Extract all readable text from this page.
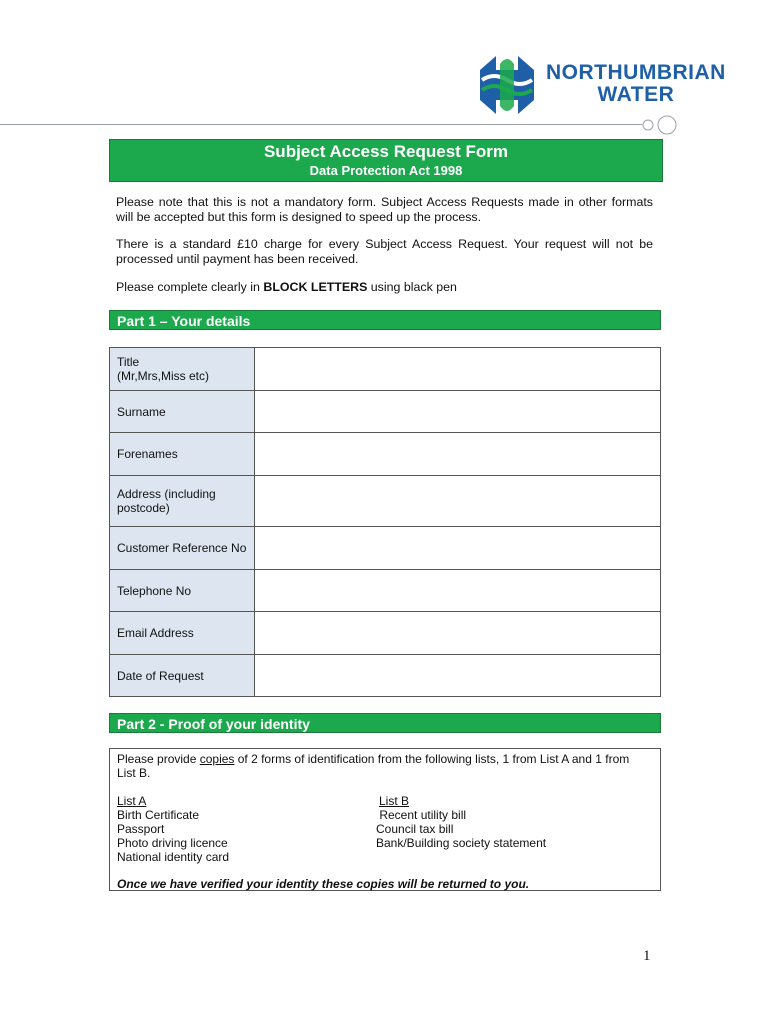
NORTHUMBRIAN
WATER
Subject Access Request Form
Data Protection Act 1998
Please note that this is not a mandatory form. Subject Access Requests made in other formats will be accepted but this form is designed to speed up the process.
There is a standard £10 charge for every Subject Access Request. Your request will not be processed until payment has been received.
Please complete clearly in BLOCK LETTERS using black pen
Part 1 – Your details
Title
(Mr,Mrs,Miss etc)	
Surname	
Forenames	
Address (including postcode)	
Customer Reference No	
Telephone No	
Email Address	
Date of Request	
Part 2 - Proof of your identity
Please provide copies of 2 forms of identification from the following lists, 1 from List A and 1 from List B.
List A
Birth Certificate
Passport
Photo driving licence
National identity card
List B
Recent utility bill
Council tax bill
Bank/Building society statement
Once we have verified your identity these copies will be returned to you.
1
